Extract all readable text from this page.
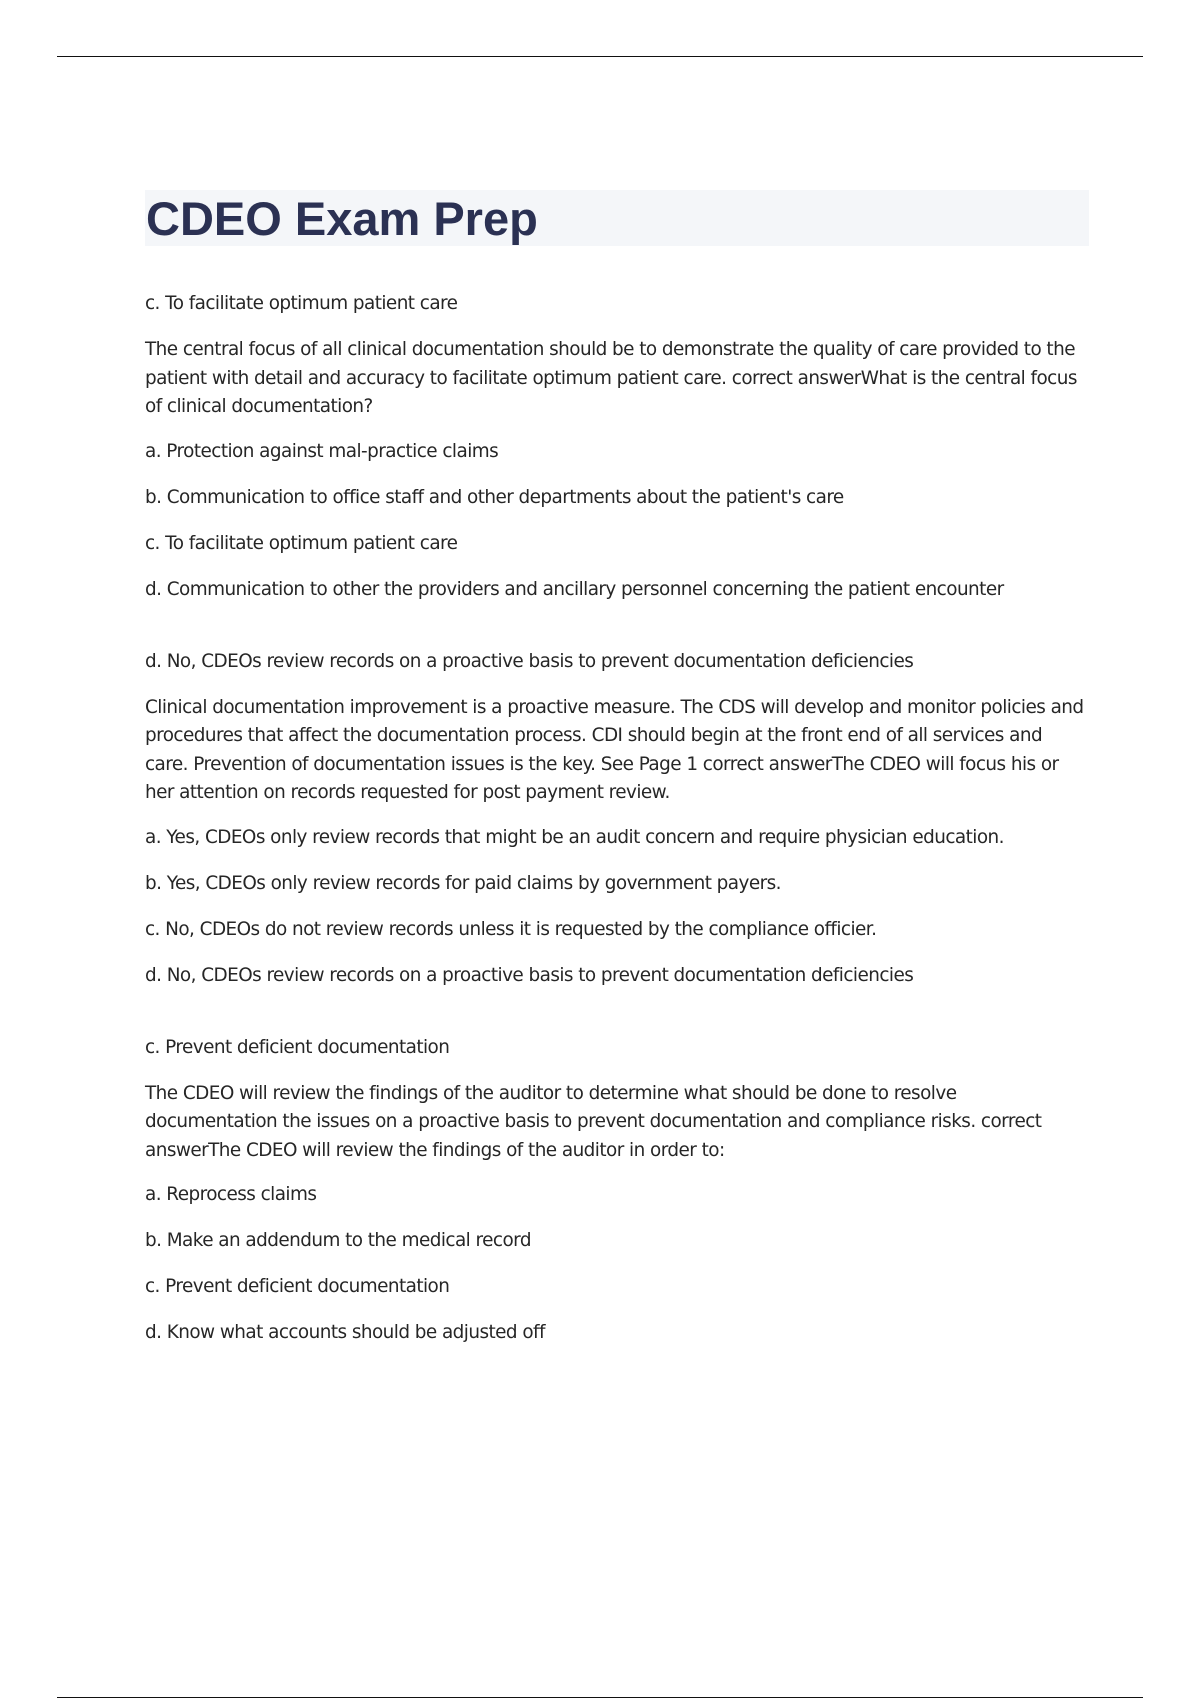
CDEO Exam Prep

c. To facilitate optimum patient care

The central focus of all clinical documentation should be to demonstrate the quality of care provided to the patient with detail and accuracy to facilitate optimum patient care. correct answerWhat is the central focus of clinical documentation?

a. Protection against mal-practice claims

b. Communication to office staff and other departments about the patient's care

c. To facilitate optimum patient care

d. Communication to other the providers and ancillary personnel concerning the patient encounter

d. No, CDEOs review records on a proactive basis to prevent documentation deficiencies

Clinical documentation improvement is a proactive measure. The CDS will develop and monitor policies and procedures that affect the documentation process. CDI should begin at the front end of all services and care. Prevention of documentation issues is the key. See Page 1 correct answerThe CDEO will focus his or her attention on records requested for post payment review.

a. Yes, CDEOs only review records that might be an audit concern and require physician education.

b. Yes, CDEOs only review records for paid claims by government payers.

c. No, CDEOs do not review records unless it is requested by the compliance officier.

d. No, CDEOs review records on a proactive basis to prevent documentation deficiencies

c. Prevent deficient documentation

The CDEO will review the findings of the auditor to determine what should be done to resolve documentation the issues on a proactive basis to prevent documentation and compliance risks. correct answerThe CDEO will review the findings of the auditor in order to:

a. Reprocess claims

b. Make an addendum to the medical record

c. Prevent deficient documentation

d. Know what accounts should be adjusted off
